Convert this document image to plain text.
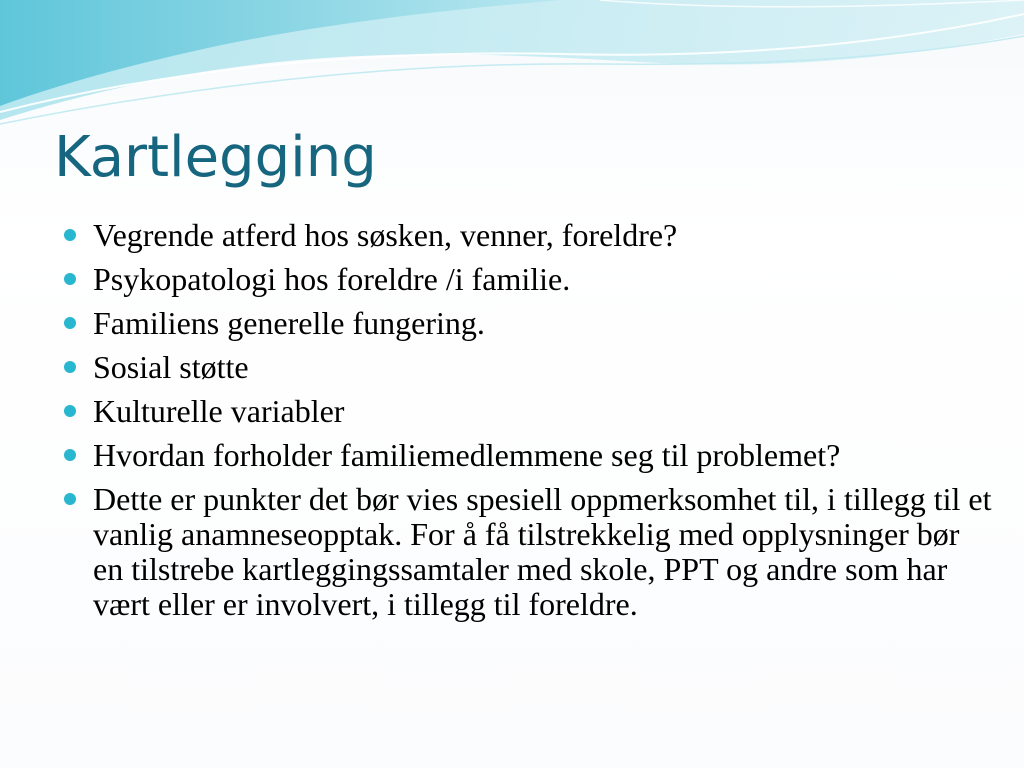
Kartlegging
Vegrende atferd hos søsken, venner, foreldre?
Psykopatologi hos foreldre /i familie.
Familiens generelle fungering.
Sosial støtte
Kulturelle variabler
Hvordan forholder familiemedlemmene seg til problemet?
Dette er punkter det bør vies spesiell oppmerksomhet til, i tillegg til et vanlig anamneseopptak. For å få tilstrekkelig med opplysninger bør en tilstrebe kartleggingssamtaler med skole, PPT og andre som har vært eller er involvert, i tillegg til foreldre.
